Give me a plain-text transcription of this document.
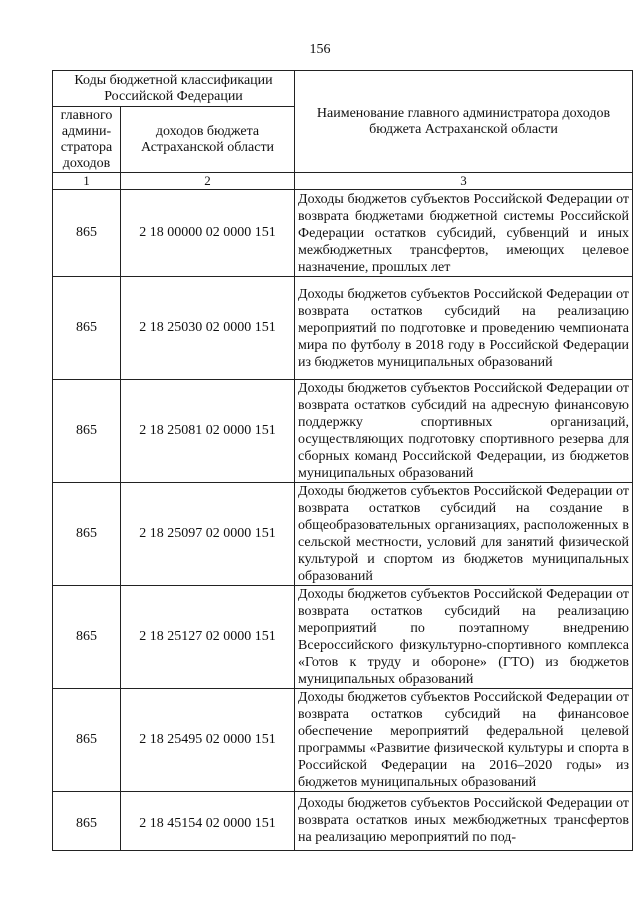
156
Коды бюджетной классификации Российской Федерации		Наименование главного администратора доходов бюджета Астраханской области
главного админи-стратора доходов	доходов бюджета Астраханской области	
1	2	3
865	2 18 00000 02 0000 151	Доходы бюджетов субъектов Российской Федерации от возврата бюджетами бюджетной системы Российской Федерации остатков субсидий, субвенций и иных межбюджетных трансфертов, имеющих целевое назначение, прошлых лет
865	2 18 25030 02 0000 151	Доходы бюджетов субъектов Российской Федерации от возврата остатков субсидий на реализацию мероприятий по подготовке и проведению чемпионата мира по футболу в 2018 году в Российской Федерации из бюджетов муниципальных образований
865	2 18 25081 02 0000 151	Доходы бюджетов субъектов Российской Федерации от возврата остатков субсидий на адресную финансовую поддержку спортивных организаций, осуществляющих подготовку спортивного резерва для сборных команд Российской Федерации, из бюджетов муниципальных образований
865	2 18 25097 02 0000 151	Доходы бюджетов субъектов Российской Федерации от возврата остатков субсидий на создание в общеобразовательных организациях, расположенных в сельской местности, условий для занятий физической культурой и спортом из бюджетов муниципальных образований
865	2 18 25127 02 0000 151	Доходы бюджетов субъектов Российской Федерации от возврата остатков субсидий на реализацию мероприятий по поэтапному внедрению Всероссийского физкультурно-спортивного комплекса «Готов к труду и обороне» (ГТО) из бюджетов муниципальных образований
865	2 18 25495 02 0000 151	Доходы бюджетов субъектов Российской Федерации от возврата остатков субсидий на финансовое обеспечение мероприятий федеральной целевой программы «Развитие физической культуры и спорта в Российской Федерации на 2016–2020 годы» из бюджетов муниципальных образований
865	2 18 45154 02 0000 151	Доходы бюджетов субъектов Российской Федерации от возврата остатков иных межбюджетных трансфертов на реализацию мероприятий по под-
